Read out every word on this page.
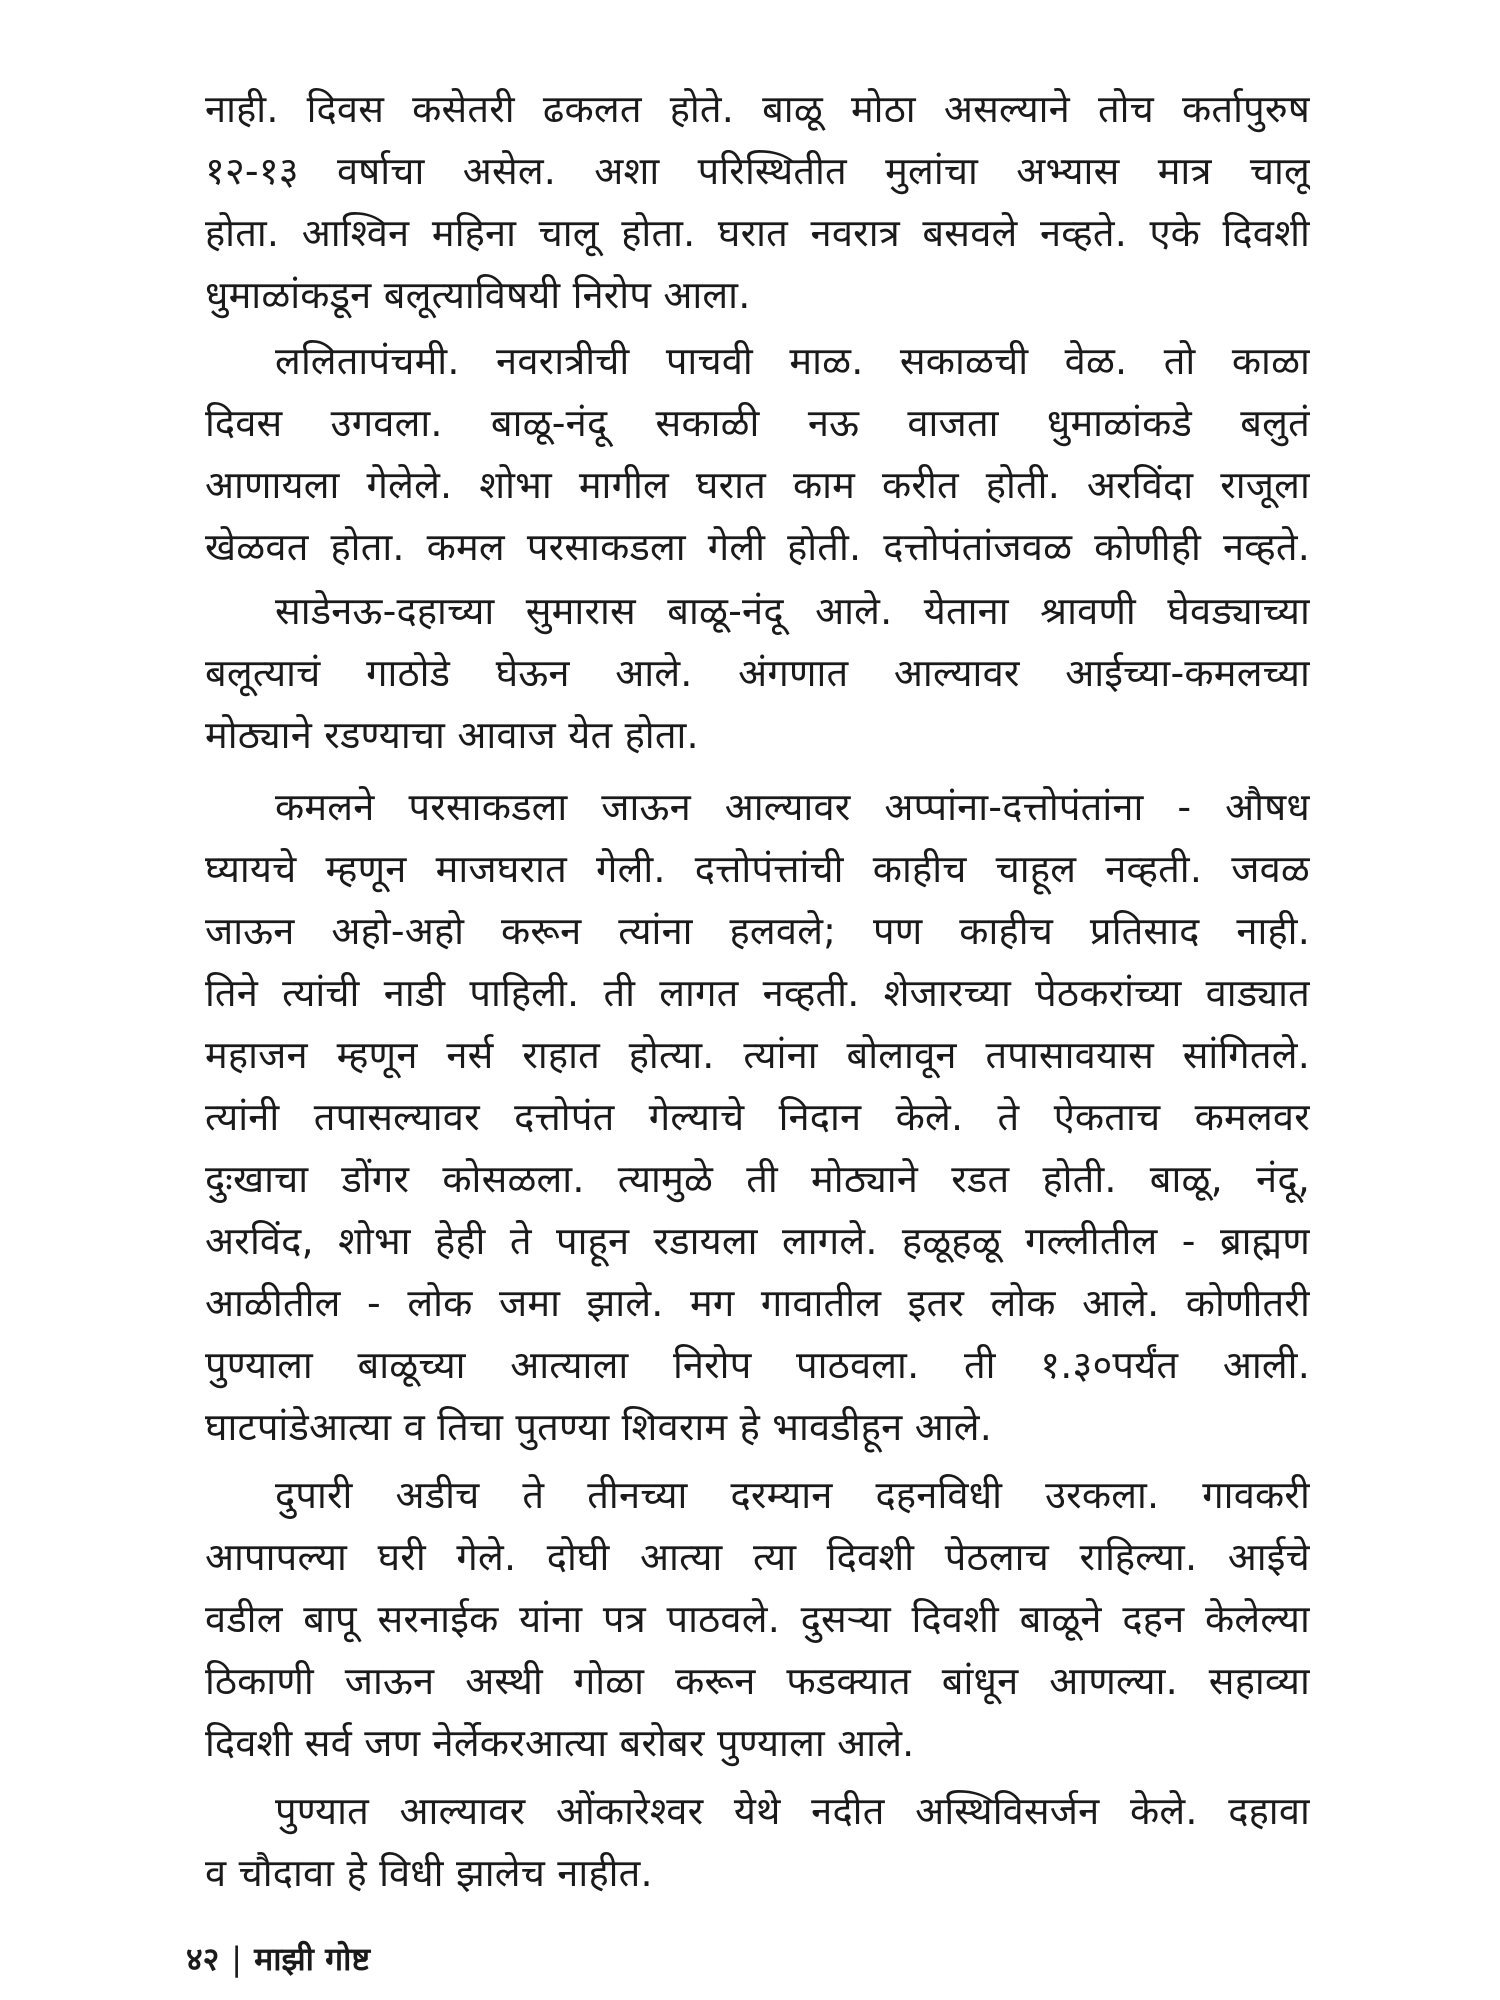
नाही. दिवस कसेतरी ढकलत होते. बाळू मोठा असल्याने तोच कर्तापुरुष
१२-१३ वर्षाचा असेल. अशा परिस्थितीत मुलांचा अभ्यास मात्र चालू
होता. आश्विन महिना चालू होता. घरात नवरात्र बसवले नव्हते. एके दिवशी
धुमाळांकडून बलूत्याविषयी निरोप आला.
ललितापंचमी. नवरात्रीची पाचवी माळ. सकाळची वेळ. तो काळा
दिवस उगवला. बाळू-नंदू सकाळी नऊ वाजता धुमाळांकडे बलुतं
आणायला गेलेले. शोभा मागील घरात काम करीत होती. अरविंदा राजूला
खेळवत होता. कमल परसाकडला गेली होती. दत्तोपंतांजवळ कोणीही नव्हते.
साडेनऊ-दहाच्या सुमारास बाळू-नंदू आले. येताना श्रावणी घेवड्याच्या
बलूत्याचं गाठोडे घेऊन आले. अंगणात आल्यावर आईच्या-कमलच्या
मोठ्याने रडण्याचा आवाज येत होता.
कमलने परसाकडला जाऊन आल्यावर अप्पांना-दत्तोपंतांना - औषध
घ्यायचे म्हणून माजघरात गेली. दत्तोपंत्तांची काहीच चाहूल नव्हती. जवळ
जाऊन अहो-अहो करून त्यांना हलवले; पण काहीच प्रतिसाद नाही.
तिने त्यांची नाडी पाहिली. ती लागत नव्हती. शेजारच्या पेठकरांच्या वाड्यात
महाजन म्हणून नर्स राहात होत्या. त्यांना बोलावून तपासावयास सांगितले.
त्यांनी तपासल्यावर दत्तोपंत गेल्याचे निदान केले. ते ऐकताच कमलवर
दुःखाचा डोंगर कोसळला. त्यामुळे ती मोठ्याने रडत होती. बाळू, नंदू,
अरविंद, शोभा हेही ते पाहून रडायला लागले. हळूहळू गल्लीतील - ब्राह्मण
आळीतील - लोक जमा झाले. मग गावातील इतर लोक आले. कोणीतरी
पुण्याला बाळूच्या आत्याला निरोप पाठवला. ती १.३०पर्यंत आली.
घाटपांडेआत्या व तिचा पुतण्या शिवराम हे भावडीहून आले.
दुपारी अडीच ते तीनच्या दरम्यान दहनविधी उरकला. गावकरी
आपापल्या घरी गेले. दोघी आत्या त्या दिवशी पेठलाच राहिल्या. आईचे
वडील बापू सरनाईक यांना पत्र पाठवले. दुसऱ्या दिवशी बाळूने दहन केलेल्या
ठिकाणी जाऊन अस्थी गोळा करून फडक्यात बांधून आणल्या. सहाव्या
दिवशी सर्व जण नेर्लेकरआत्या बरोबर पुण्याला आले.
पुण्यात आल्यावर ओंकारेश्वर येथे नदीत अस्थिविसर्जन केले. दहावा
व चौदावा हे विधी झालेच नाहीत.
४२ | माझी गोष्ट
